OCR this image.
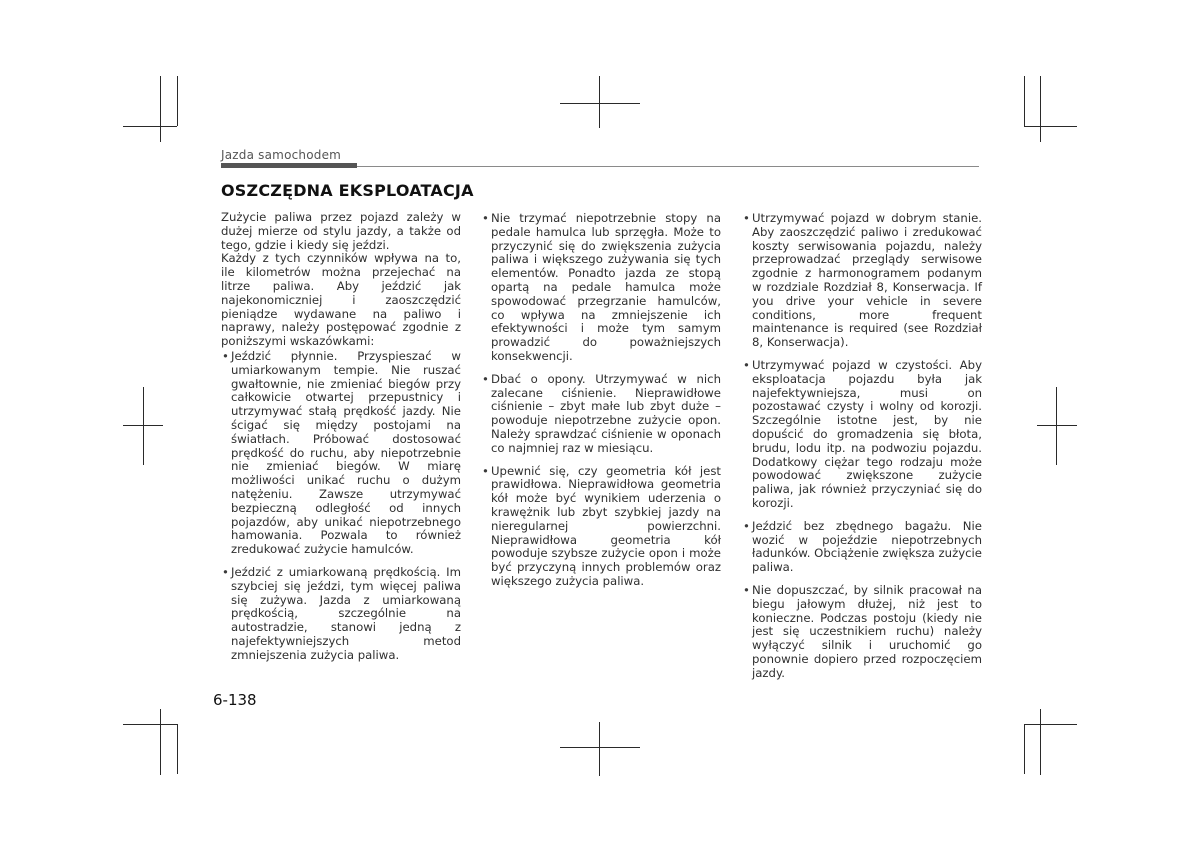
Jazda samochodem
OSZCZĘDNA EKSPLOATACJA

Zużycie paliwa przez pojazd zależy w dużej mierze od stylu jazdy, a także od tego, gdzie i kiedy się jeździ.

Każdy z tych czynników wpływa na to, ile kilometrów można przejechać na litrze paliwa. Aby jeździć jak najekonomiczniej i zaoszczędzić pieniądze wydawane na paliwo i naprawy, należy postępować zgodnie z poniższymi wskazówkami:

• Jeździć płynnie. Przyspieszać w umiarkowanym tempie. Nie ruszać gwałtownie, nie zmieniać biegów przy całkowicie otwartej przepustnicy i utrzymywać stałą prędkość jazdy. Nie ścigać się między postojami na światłach. Próbować dostosować prędkość do ruchu, aby niepotrzebnie nie zmieniać biegów. W miarę możliwości unikać ruchu o dużym natężeniu. Zawsze utrzymywać bezpieczną odległość od innych pojazdów, aby unikać niepotrzebnego hamowania. Pozwala to również zredukować zużycie hamulców.
• Jeździć z umiarkowaną prędkością. Im szybciej się jeździ, tym więcej paliwa się zużywa. Jazda z umiarkowaną prędkością, szczególnie na autostradzie, stanowi jedną z najefektywniejszych metod zmniejszenia zużycia paliwa.
• Nie trzymać niepotrzebnie stopy na pedale hamulca lub sprzęgła. Może to przyczynić się do zwiększenia zużycia paliwa i większego zużywania się tych elementów. Ponadto jazda ze stopą opartą na pedale hamulca może spowodować przegrzanie hamulców, co wpływa na zmniejszenie ich efektywności i może tym samym prowadzić do poważniejszych konsekwencji.
• Dbać o opony. Utrzymywać w nich zalecane ciśnienie. Nieprawidłowe ciśnienie – zbyt małe lub zbyt duże – powoduje niepotrzebne zużycie opon. Należy sprawdzać ciśnienie w oponach co najmniej raz w miesiącu.
• Upewnić się, czy geometria kół jest prawidłowa. Nieprawidłowa geometria kół może być wynikiem uderzenia o krawężnik lub zbyt szybkiej jazdy na nieregularnej powierzchni. Nieprawidłowa geometria kół powoduje szybsze zużycie opon i może być przyczyną innych problemów oraz większego zużycia paliwa.
• Utrzymywać pojazd w dobrym stanie. Aby zaoszczędzić paliwo i zredukować koszty serwisowania pojazdu, należy przeprowadzać przeglądy serwisowe zgodnie z harmonogramem podanym w rozdziale Rozdział 8, Konserwacja. If you drive your vehicle in severe conditions, more frequent maintenance is required (see Rozdział 8, Konserwacja).
• Utrzymywać pojazd w czystości. Aby eksploatacja pojazdu była jak najefektywniejsza, musi on pozostawać czysty i wolny od korozji. Szczególnie istotne jest, by nie dopuścić do gromadzenia się błota, brudu, lodu itp. na podwoziu pojazdu. Dodatkowy ciężar tego rodzaju może powodować zwiększone zużycie paliwa, jak również przyczyniać się do korozji.
• Jeździć bez zbędnego bagażu. Nie wozić w pojeździe niepotrzebnych ładunków. Obciążenie zwiększa zużycie paliwa.
• Nie dopuszczać, by silnik pracował na biegu jałowym dłużej, niż jest to konieczne. Podczas postoju (kiedy nie jest się uczestnikiem ruchu) należy wyłączyć silnik i uruchomić go ponownie dopiero przed rozpoczęciem jazdy.
6-138
